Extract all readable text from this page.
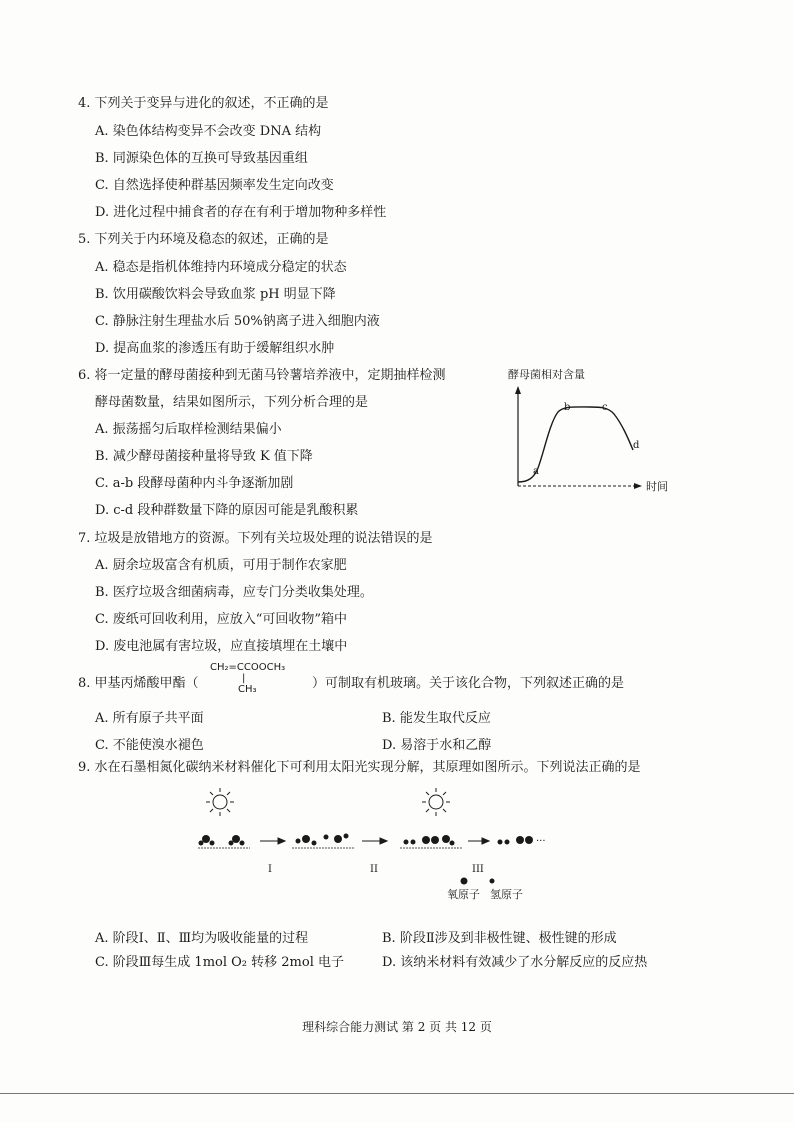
4. 下列关于变异与进化的叙述，不正确的是
A. 染色体结构变异不会改变 DNA 结构
B. 同源染色体的互换可导致基因重组
C. 自然选择使种群基因频率发生定向改变
D. 进化过程中捕食者的存在有利于增加物种多样性
5. 下列关于内环境及稳态的叙述，正确的是
A. 稳态是指机体维持内环境成分稳定的状态
B. 饮用碳酸饮料会导致血浆 pH 明显下降
C. 静脉注射生理盐水后 50%钠离子进入细胞内液
D. 提高血浆的渗透压有助于缓解组织水肿
6. 将一定量的酵母菌接种到无菌马铃薯培养液中，定期抽样检测
酵母菌数量，结果如图所示，下列分析合理的是
A. 振荡摇匀后取样检测结果偏小
B. 减少酵母菌接种量将导致 K 值下降
C. a-b 段酵母菌种内斗争逐渐加剧
D. c-d 段种群数量下降的原因可能是乳酸积累
酵母菌相对含量
时间
a
b	c
d
7. 垃圾是放错地方的资源。下列有关垃圾处理的说法错误的是
A. 厨余垃圾富含有机质，可用于制作农家肥
B. 医疗垃圾含细菌病毒，应专门分类收集处理。
C. 废纸可回收利用，应放入“可回收物”箱中
D. 废电池属有害垃圾，应直接填埋在土壤中
8. 甲基丙烯酸甲酯（
CH₂=CCOOCH₃
|
CH₃	）可制取有机玻璃。关于该化合物，下列叙述正确的是
A. 所有原子共平面	B. 能发生取代反应
C. 不能使溴水褪色	D. 易溶于水和乙醇
9. 水在石墨相氮化碳纳米材料催化下可利用太阳光实现分解，其原理如图所示。下列说法正确的是
···
I	II	III
氧原子 氢原子
A. 阶段Ⅰ、Ⅱ、Ⅲ均为吸收能量的过程	B. 阶段Ⅱ涉及到非极性键、极性键的形成
C. 阶段Ⅲ每生成 1mol O₂ 转移 2mol 电子	D. 该纳米材料有效减少了水分解反应的反应热
理科综合能力测试 第 2 页 共 12 页
